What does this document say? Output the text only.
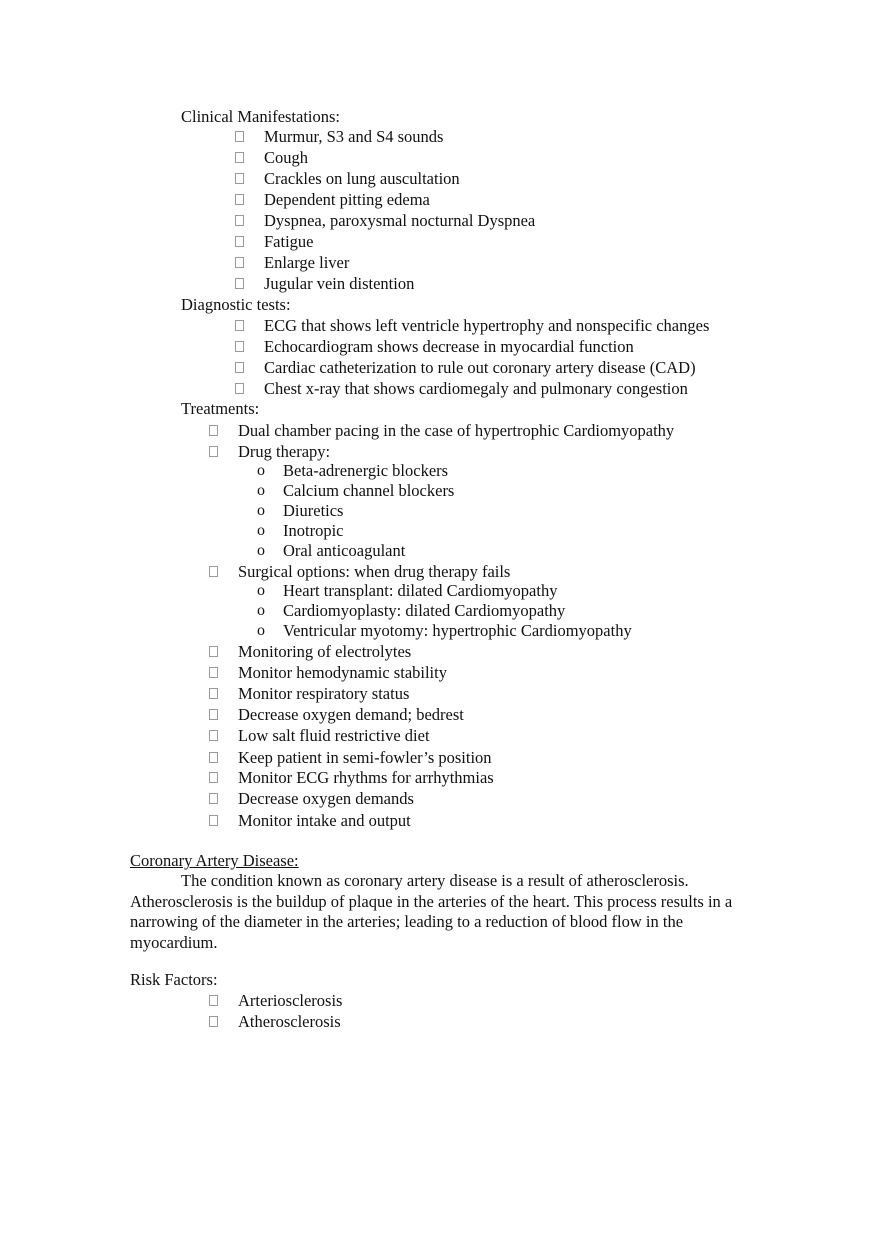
Clinical Manifestations:
Murmur, S3 and S4 sounds
Cough
Crackles on lung auscultation
Dependent pitting edema
Dyspnea, paroxysmal nocturnal Dyspnea
Fatigue
Enlarge liver
Jugular vein distention
Diagnostic tests:
ECG that shows left ventricle hypertrophy and nonspecific changes
Echocardiogram shows decrease in myocardial function
Cardiac catheterization to rule out coronary artery disease (CAD)
Chest x-ray that shows cardiomegaly and pulmonary congestion
Treatments:
Dual chamber pacing in the case of hypertrophic Cardiomyopathy
Drug therapy:
o Beta-adrenergic blockers
o Calcium channel blockers
o Diuretics
o Inotropic
o Oral anticoagulant
Surgical options: when drug therapy fails
o Heart transplant: dilated Cardiomyopathy
o Cardiomyoplasty: dilated Cardiomyopathy
o Ventricular myotomy: hypertrophic Cardiomyopathy
Monitoring of electrolytes
Monitor hemodynamic stability
Monitor respiratory status
Decrease oxygen demand; bedrest
Low salt fluid restrictive diet
Keep patient in semi-fowler’s position
Monitor ECG rhythms for arrhythmias
Decrease oxygen demands
Monitor intake and output
Coronary Artery Disease:
The condition known as coronary artery disease is a result of atherosclerosis. Atherosclerosis is the buildup of plaque in the arteries of the heart. This process results in a narrowing of the diameter in the arteries; leading to a reduction of blood flow in the myocardium.
Risk Factors:
Arteriosclerosis
Atherosclerosis
